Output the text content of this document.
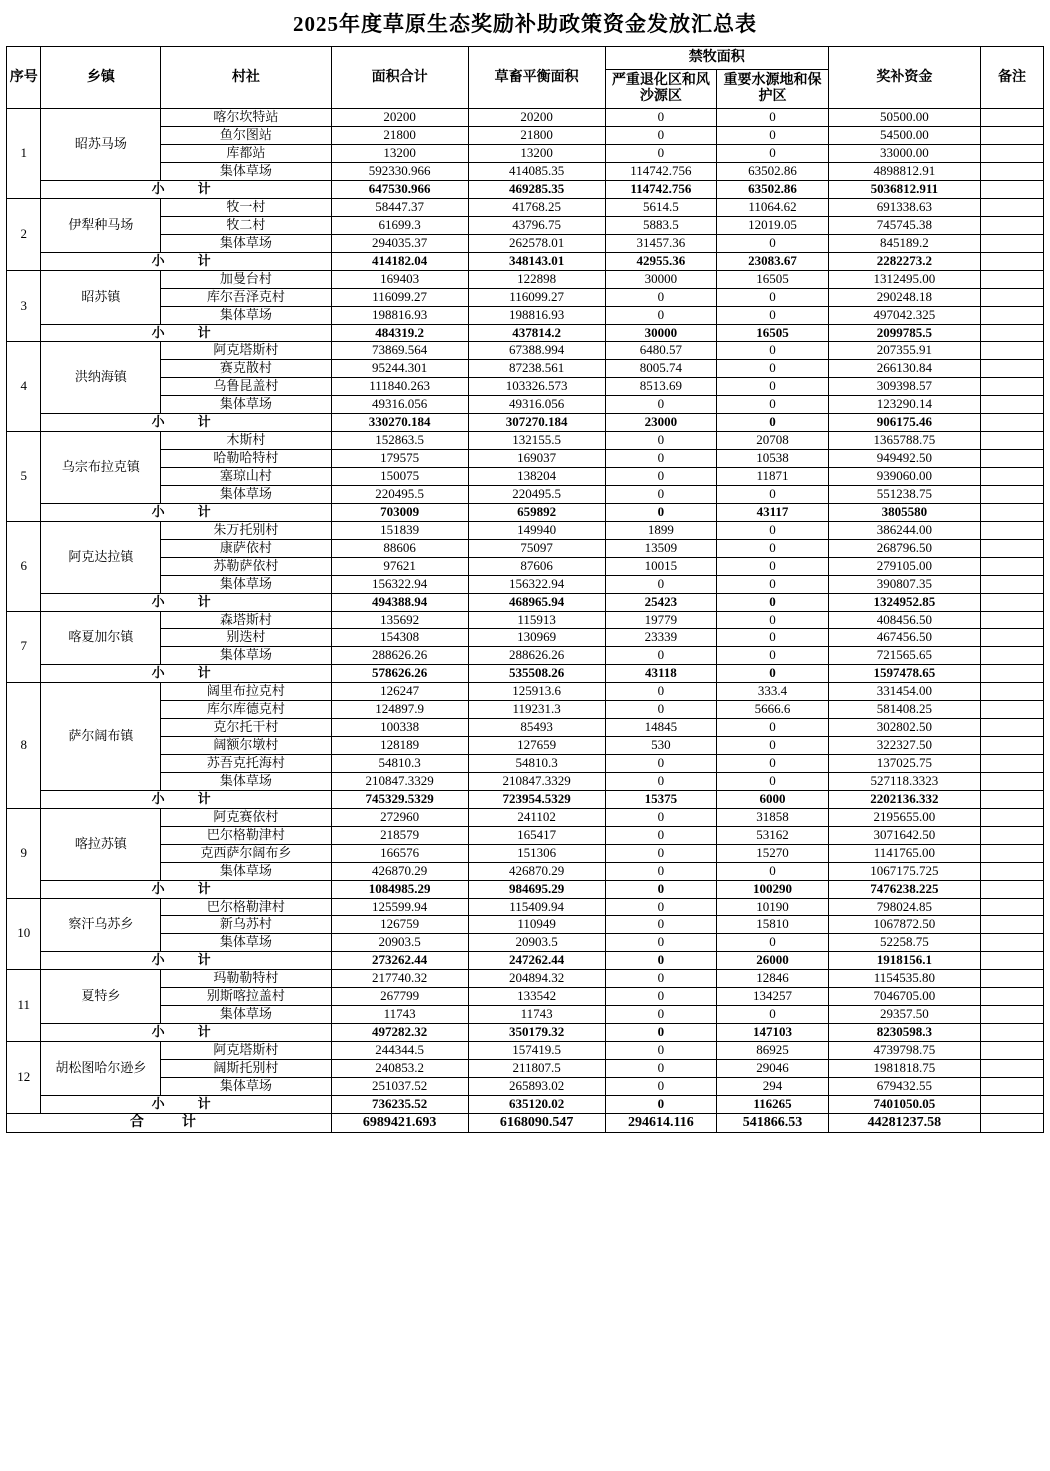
2025年度草原生态奖励补助政策资金发放汇总表
序号	乡镇	村社	面积合计	草畜平衡面积	禁牧面积		奖补资金	备注
					严重退化区和风沙源区	重要水源地和保护区		
1	昭苏马场	喀尔坎特站	20200	20200	0	0	50500.00	
		鱼尔图站	21800	21800	0	0	54500.00	
		库都站	13200	13200	0	0	33000.00	
		集体草场	592330.966	414085.35	114742.756	63502.86	4898812.91	
	小　计		647530.966	469285.35	114742.756	63502.86	5036812.911	
2	伊犁种马场	牧一村	58447.37	41768.25	5614.5	11064.62	691338.63	
		牧二村	61699.3	43796.75	5883.5	12019.05	745745.38	
		集体草场	294035.37	262578.01	31457.36	0	845189.2	
	小　计		414182.04	348143.01	42955.36	23083.67	2282273.2	
3	昭苏镇	加曼台村	169403	122898	30000	16505	1312495.00	
		库尔吾泽克村	116099.27	116099.27	0	0	290248.18	
		集体草场	198816.93	198816.93	0	0	497042.325	
	小　计		484319.2	437814.2	30000	16505	2099785.5	
4	洪纳海镇	阿克塔斯村	73869.564	67388.994	6480.57	0	207355.91	
		赛克散村	95244.301	87238.561	8005.74	0	266130.84	
		乌鲁昆盖村	111840.263	103326.573	8513.69	0	309398.57	
		集体草场	49316.056	49316.056	0	0	123290.14	
	小　计		330270.184	307270.184	23000	0	906175.46	
5	乌宗布拉克镇	木斯村	152863.5	132155.5	0	20708	1365788.75	
		哈勒哈特村	179575	169037	0	10538	949492.50	
		塞琼山村	150075	138204	0	11871	939060.00	
		集体草场	220495.5	220495.5	0	0	551238.75	
	小　计		703009	659892	0	43117	3805580	
6	阿克达拉镇	朱万托别村	151839	149940	1899	0	386244.00	
		康萨依村	88606	75097	13509	0	268796.50	
		苏勒萨依村	97621	87606	10015	0	279105.00	
		集体草场	156322.94	156322.94	0	0	390807.35	
	小　计		494388.94	468965.94	25423	0	1324952.85	
7	喀夏加尔镇	森塔斯村	135692	115913	19779	0	408456.50	
		别迭村	154308	130969	23339	0	467456.50	
		集体草场	288626.26	288626.26	0	0	721565.65	
	小　计		578626.26	535508.26	43118	0	1597478.65	
8	萨尔阔布镇	阔里布拉克村	126247	125913.6	0	333.4	331454.00	
		库尔库德克村	124897.9	119231.3	0	5666.6	581408.25	
		克尔托干村	100338	85493	14845	0	302802.50	
		阔额尔墩村	128189	127659	530	0	322327.50	
		苏吾克托海村	54810.3	54810.3	0	0	137025.75	
		集体草场	210847.3329	210847.3329	0	0	527118.3323	
	小　计		745329.5329	723954.5329	15375	6000	2202136.332	
9	喀拉苏镇	阿克赛依村	272960	241102	0	31858	2195655.00	
		巴尔格勒津村	218579	165417	0	53162	3071642.50	
		克西萨尔阔布乡	166576	151306	0	15270	1141765.00	
		集体草场	426870.29	426870.29	0	0	1067175.725	
	小　计		1084985.29	984695.29	0	100290	7476238.225	
10	察汗乌苏乡	巴尔格勒津村	125599.94	115409.94	0	10190	798024.85	
		新乌苏村	126759	110949	0	15810	1067872.50	
		集体草场	20903.5	20903.5	0	0	52258.75	
	小　计		273262.44	247262.44	0	26000	1918156.1	
11	夏特乡	玛勒勒特村	217740.32	204894.32	0	12846	1154535.80	
		别斯喀拉盖村	267799	133542	0	134257	7046705.00	
		集体草场	11743	11743	0	0	29357.50	
	小　计		497282.32	350179.32	0	147103	8230598.3	
12	胡松图哈尔逊乡	阿克塔斯村	244344.5	157419.5	0	86925	4739798.75	
		阔斯托别村	240853.2	211807.5	0	29046	1981818.75	
		集体草场	251037.52	265893.02	0	294	679432.55	
	小　计		736235.52	635120.02	0	116265	7401050.05	
合　计			6989421.693	6168090.547	294614.116	541866.53	44281237.58	
